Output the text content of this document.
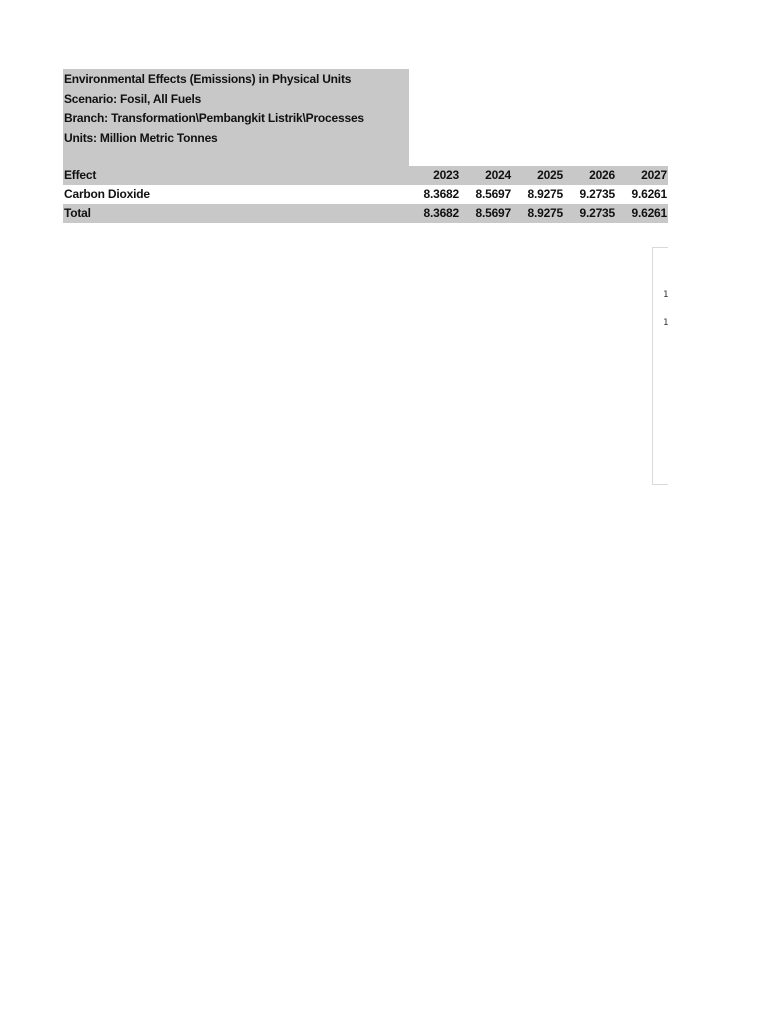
Environmental Effects (Emissions) in Physical Units
Scenario: Fosil, All Fuels
Branch: Transformation\Pembangkit Listrik\Processes
Units: Million Metric Tonnes
Effect	2023	2024	2025	2026	2027
Carbon Dioxide	8.3682	8.5697	8.9275	9.2735	9.6261
Total	8.3682	8.5697	8.9275	9.2735	9.6261
1
1
